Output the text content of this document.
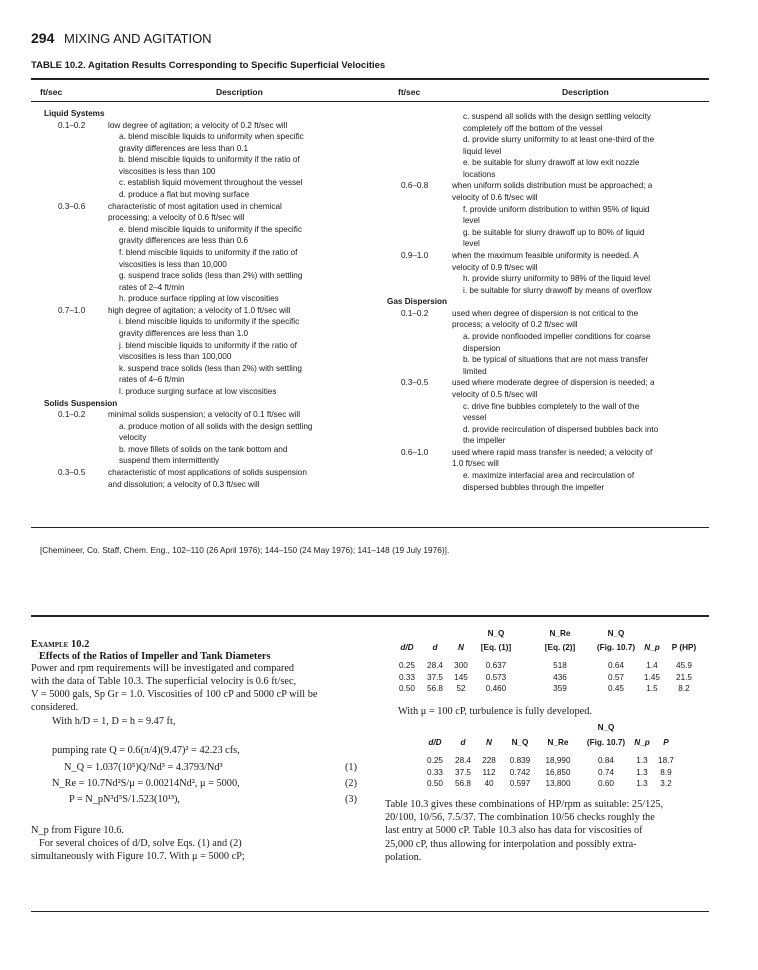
294 MIXING AND AGITATION
TABLE 10.2. Agitation Results Corresponding to Specific Superficial Velocities
ft/sec	Description	ft/sec	Description
Liquid Systems
0.1–0.2	low degree of agitation; a velocity of 0.2 ft/sec will
a. blend miscible liquids to uniformity when specific
gravity differences are less than 0.1
b. blend miscible liquids to uniformity if the ratio of
viscosities is less than 100
c. establish liquid movement throughout the vessel
d. produce a flat but moving surface
0.3–0.6	characteristic of most agitation used in chemical
processing; a velocity of 0.6 ft/sec will
e. blend miscible liquids to uniformity if the specific
gravity differences are less than 0.6
f. blend miscible liquids to uniformity if the ratio of
viscosities is less than 10,000
g. suspend trace solids (less than 2%) with settling
rates of 2–4 ft/min
h. produce surface rippling at low viscosities
0.7–1.0	high degree of agitation; a velocity of 1.0 ft/sec will
i. blend miscible liquids to uniformity if the specific
gravity differences are less than 1.0
j. blend miscible liquids to uniformity if the ratio of
viscosities is less than 100,000
k. suspend trace solids (less than 2%) with settling
rates of 4–6 ft/min
l. produce surging surface at low viscosities
Solids Suspension
0.1–0.2	minimal solids suspension; a velocity of 0.1 ft/sec will
a. produce motion of all solids with the design settling
velocity
b. move fillets of solids on the tank bottom and
suspend them intermittently
0.3–0.5	characteristic of most applications of solids suspension
and dissolution; a velocity of 0.3 ft/sec will
c. suspend all solids with the design settling velocity
completely off the bottom of the vessel
d. provide slurry uniformity to at least one-third of the
liquid level
e. be suitable for slurry drawoff at low exit nozzle
locations
0.6–0.8	when uniform solids distribution must be approached; a
velocity of 0.6 ft/sec will
f. provide uniform distribution to within 95% of liquid
level
g. be suitable for slurry drawoff up to 80% of liquid
level
0.9–1.0	when the maximum feasible uniformity is needed. A
velocity of 0.9 ft/sec will
h. provide slurry uniformity to 98% of the liquid level
i. be suitable for slurry drawoff by means of overflow
Gas Dispersion
0.1–0.2	used when degree of dispersion is not critical to the
process; a velocity of 0.2 ft/sec will
a. provide nonflooded impeller conditions for coarse
dispersion
b. be typical of situations that are not mass transfer
limited
0.3–0.5	used where moderate degree of dispersion is needed; a
velocity of 0.5 ft/sec will
c. drive fine bubbles completely to the wall of the
vessel
d. provide recirculation of dispersed bubbles back into
the impeller
0.6–1.0	used where rapid mass transfer is needed; a velocity of
1.0 ft/sec will
e. maximize interfacial area and recirculation of
dispersed bubbles through the impeller
[Chemineer, Co. Staff, Chem. Eng., 102–110 (26 April 1976); 144–150 (24 May 1976); 141–148 (19 July 1976)].
Example 10.2
Effects of the Ratios of Impeller and Tank Diameters
Power and rpm requirements will be investigated and compared
with the data of Table 10.3. The superficial velocity is 0.6 ft/sec,
V = 5000 gals, Sp Gr = 1.0. Viscosities of 100 cP and 5000 cP will be
considered.
With h/D = 1, D = h = 9.47 ft,
pumping rate Q = 0.6(π/4)(9.47)² = 42.23 cfs,
N_Q = 1.037(10⁵)Q/Nd³ = 4.3793/Nd³	(1)
N_Re = 10.7Nd²S/μ = 0.00214Nd², μ = 5000,	(2)
P = N_pN³d⁵S/1.523(10¹³),	(3)
N_p from Figure 10.6.
For several choices of d/D, solve Eqs. (1) and (2)
simultaneously with Figure 10.7. With μ = 5000 cP;
N_Q	N_Re	N_Q
d/D	d	N	[Eq. (1)]	[Eq. (2)]	(Fig. 10.7)	N_p	P (HP)
0.25	28.4	300	0.637	518	0.64	1.4	45.9
0.33	37.5	145	0.573	436	0.57	1.45	21.5
0.50	56.8	52	0.460	359	0.45	1.5	8.2
With μ = 100 cP, turbulence is fully developed.
N_Q
d/D	d	N	N_Q	N_Re	(Fig. 10.7)	N_p	P
0.25	28.4	228	0.839	18,990	0.84	1.3	18.7
0.33	37.5	112	0.742	16,850	0.74	1.3	8.9
0.50	56.8	40	0.597	13,800	0.60	1.3	3.2
Table 10.3 gives these combinations of HP/rpm as suitable: 25/125,
20/100, 10/56, 7.5/37. The combination 10/56 checks roughly the
last entry at 5000 cP. Table 10.3 also has data for viscosities of
25,000 cP, thus allowing for interpolation and possibly extra-
polation.
